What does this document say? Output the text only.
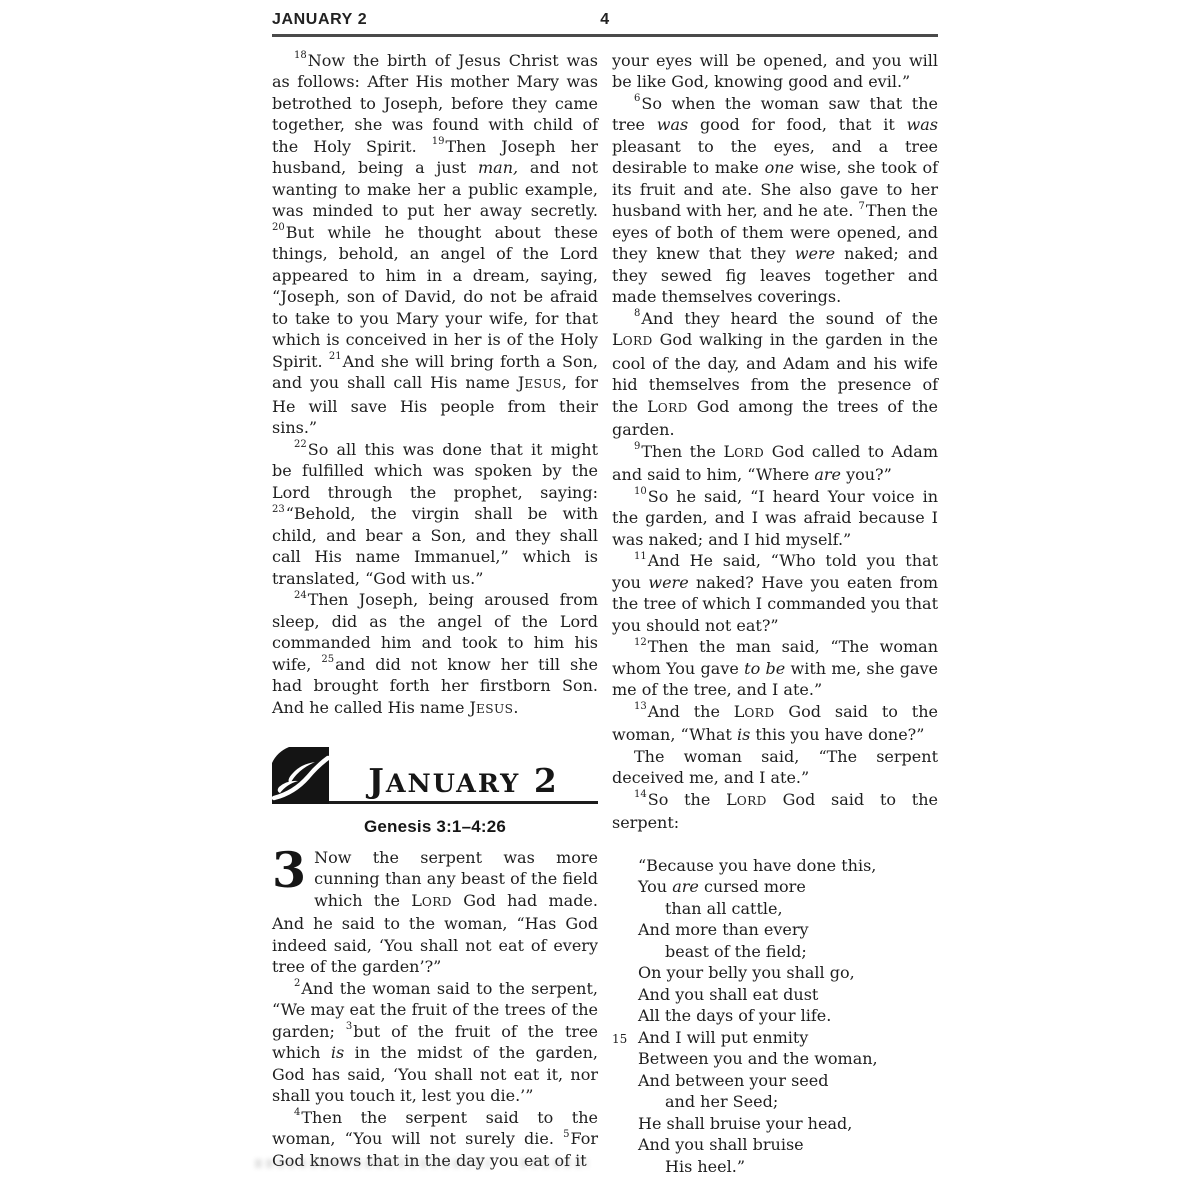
JANUARY 2	4

$^{18}$Now the birth of Jesus Christ was as follows: After His mother Mary was betrothed to Joseph, before they came together, she was found with child of the Holy Spirit. $^{19}$Then Joseph her husband, being a just man, and not wanting to make her a public example, was minded to put her away secretly. $^{20}$But while he thought about these things, behold, an angel of the Lord appeared to him in a dream, saying, “Joseph, son of David, do not be afraid to take to you Mary your wife, for that which is conceived in her is of the Holy Spirit. $^{21}$And she will bring forth a Son, and you shall call His name JESUS, for He will save His people from their sins.”

$^{22}$So all this was done that it might be fulfilled which was spoken by the Lord through the prophet, saying: $^{23}$“Behold, the virgin shall be with child, and bear a Son, and they shall call His name Immanuel,” which is translated, “God with us.”

$^{24}$Then Joseph, being aroused from sleep, did as the angel of the Lord commanded him and took to him his wife, $^{25}$and did not know her till she had brought forth her firstborn Son. And he called His name JESUS.

JANUARY 2
Genesis 3:1–4:26

3 Now the serpent was more cunning than any beast of the field which the LORD God had made. And he said to the woman, “Has God indeed said, ‘You shall not eat of every tree of the garden’?”

$^2$And the woman said to the serpent, “We may eat the fruit of the trees of the garden; $^3$but of the fruit of the tree which is in the midst of the garden, God has said, ‘You shall not eat it, nor shall you touch it, lest you die.’”

$^4$Then the serpent said to the woman, “You will not surely die. $^5$For God knows that in the day you eat of it

your eyes will be opened, and you will be like God, knowing good and evil.”

$^6$So when the woman saw that the tree was good for food, that it was pleasant to the eyes, and a tree desirable to make one wise, she took of its fruit and ate. She also gave to her husband with her, and he ate. $^7$Then the eyes of both of them were opened, and they knew that they were naked; and they sewed fig leaves together and made themselves coverings.

$^8$And they heard the sound of the LORD God walking in the garden in the cool of the day, and Adam and his wife hid themselves from the presence of the LORD God among the trees of the garden.

$^9$Then the LORD God called to Adam and said to him, “Where are you?”

$^{10}$So he said, “I heard Your voice in the garden, and I was afraid because I was naked; and I hid myself.”

$^{11}$And He said, “Who told you that you were naked? Have you eaten from the tree of which I commanded you that you should not eat?”

$^{12}$Then the man said, “The woman whom You gave to be with me, she gave me of the tree, and I ate.”

$^{13}$And the LORD God said to the woman, “What is this you have done?”

The woman said, “The serpent deceived me, and I ate.”

$^{14}$So the LORD God said to the serpent:

“Because you have done this,
You are cursed more
than all cattle,
And more than every
beast of the field;
On your belly you shall go,
And you shall eat dust
All the days of your life.
15 And I will put enmity
Between you and the woman,
And between your seed
and her Seed;
He shall bruise your head,
And you shall bruise
His heel.”
